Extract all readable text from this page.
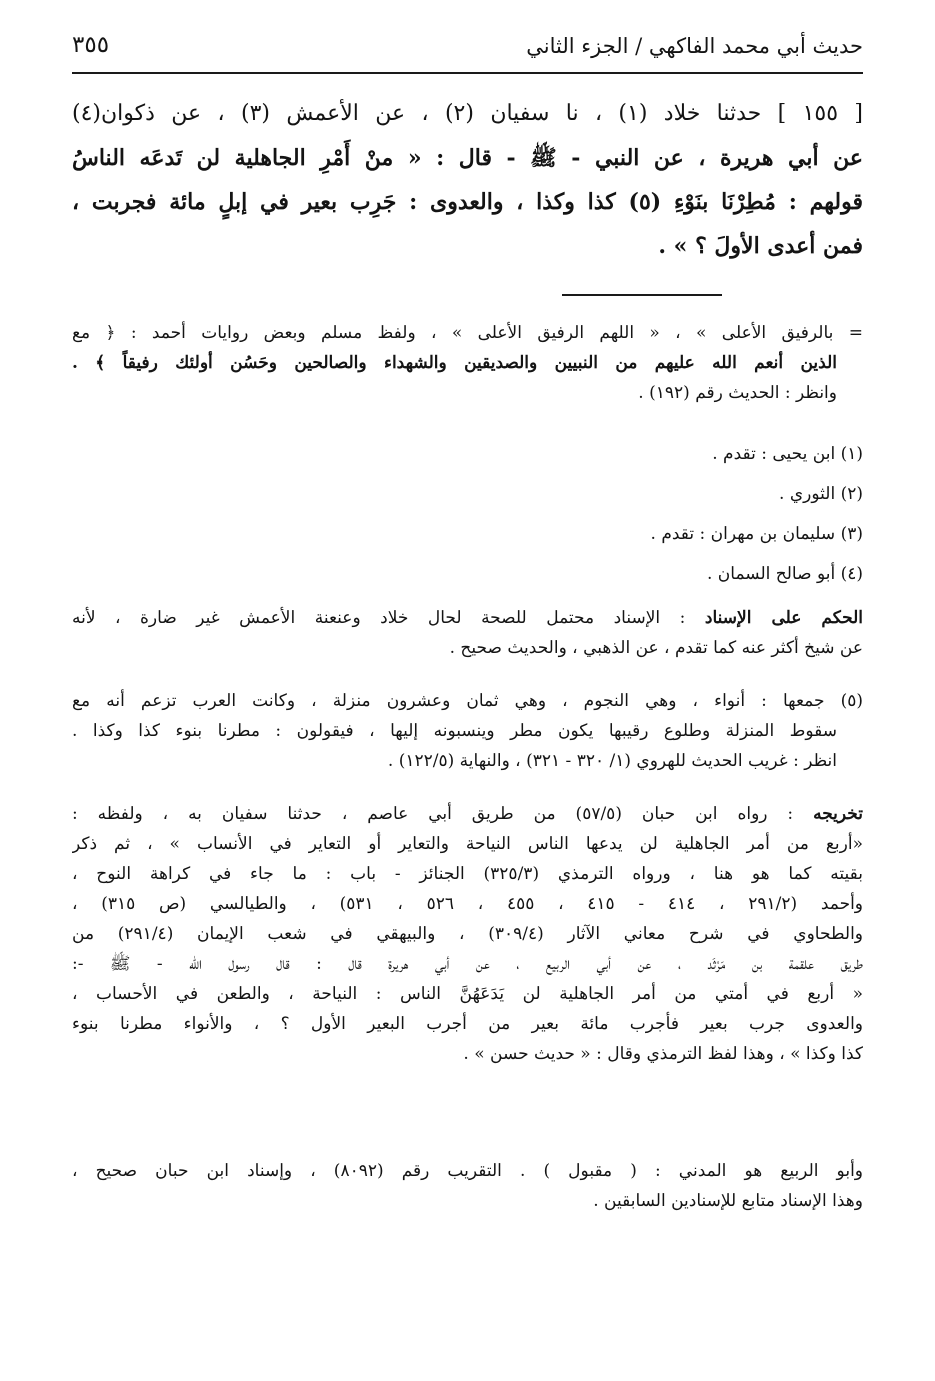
حديث أبي محمد الفاكهي / الجزء الثاني
٣٥٥
[ ١٥٥ ] حدثنا خلاد (١) ، نا سفيان (٢) ، عن الأعمش (٣) ، عن ذكوان(٤)
عن أبي هريرة ، عن النبي - ﷺ - قال : « منْ أَمْرِ الجاهلية لن تَدعَه الناسُ
قولهم : مُطِرْنَا بنَوْءِ (٥) كذا وكذا ، والعدوى : جَرِب بعير في إبلٍ مائة فجربت ،
فمن أعدى الأولَ ؟ » .
= بالرفيق الأعلى » ، « اللهم الرفيق الأعلى » ، ولفظ مسلم وبعض روايات أحمد : ﴿ مع
الذين أنعم الله عليهم من النبيين والصديقين والشهداء والصالحين وحَسُن أولئك رفيقاً ﴾ .
وانظر : الحديث رقم (١٩٢) .
(١) ابن يحيى : تقدم .
(٢) الثوري .
(٣) سليمان بن مهران : تقدم .
(٤) أبو صالح السمان .
الحكم على الإسناد : الإسناد محتمل للصحة لحال خلاد وعنعنة الأعمش غير ضارة ، لأنه
عن شيخ أكثر عنه كما تقدم ، عن الذهبي ، والحديث صحيح .
(٥) جمعها : أنواء ، وهي النجوم ، وهي ثمان وعشرون منزلة ، وكانت العرب تزعم أنه مع
سقوط المنزلة وطلوع رقيبها يكون مطر وينسبونه إليها ، فيقولون : مطرنا بنوء كذا وكذا .
انظر : غريب الحديث للهروي (١/ ٣٢٠ - ٣٢١) ، والنهاية (١٢٢/٥) .
تخريجه : رواه ابن حبان (٥٧/٥) من طريق أبي عاصم ، حدثنا سفيان به ، ولفظه :
«أربع من أمر الجاهلية لن يدعها الناس النياحة والتعاير أو التعاير في الأنساب » ، ثم ذكر
بقيته كما هو هنا ، ورواه الترمذي (٣٢٥/٣) الجنائز - باب : ما جاء في كراهة النوح ،
وأحمد (٢٩١/٢ ، ٤١٤ - ٤١٥ ، ٤٥٥ ، ٥٢٦ ، ٥٣١) ، والطيالسي (ص ٣١٥) ،
والطحاوي في شرح معاني الآثار (٣٠٩/٤) ، والبيهقي في شعب الإيمان (٢٩١/٤) من
طريق علقمة بن مَرْثَد ، عن أبي الربيع ، عن أبي هريرة قال : قال رسول الله - ﷺ -:
« أربع في أمتي من أمر الجاهلية لن يَدَعَهُنَّ الناس : النياحة ، والطعن في الأحساب ،
والعدوى جرب بعير فأجرب مائة بعير من أجرب البعير الأول ؟ ، والأنواء مطرنا بنوء
كذا وكذا » ، وهذا لفظ الترمذي وقال : « حديث حسن » .
وأبو الربيع هو المدني : ( مقبول ) . التقريب رقم (٨٠٩٢) ، وإسناد ابن حبان صحيح ،
وهذا الإسناد متابع للإسنادين السابقين .
